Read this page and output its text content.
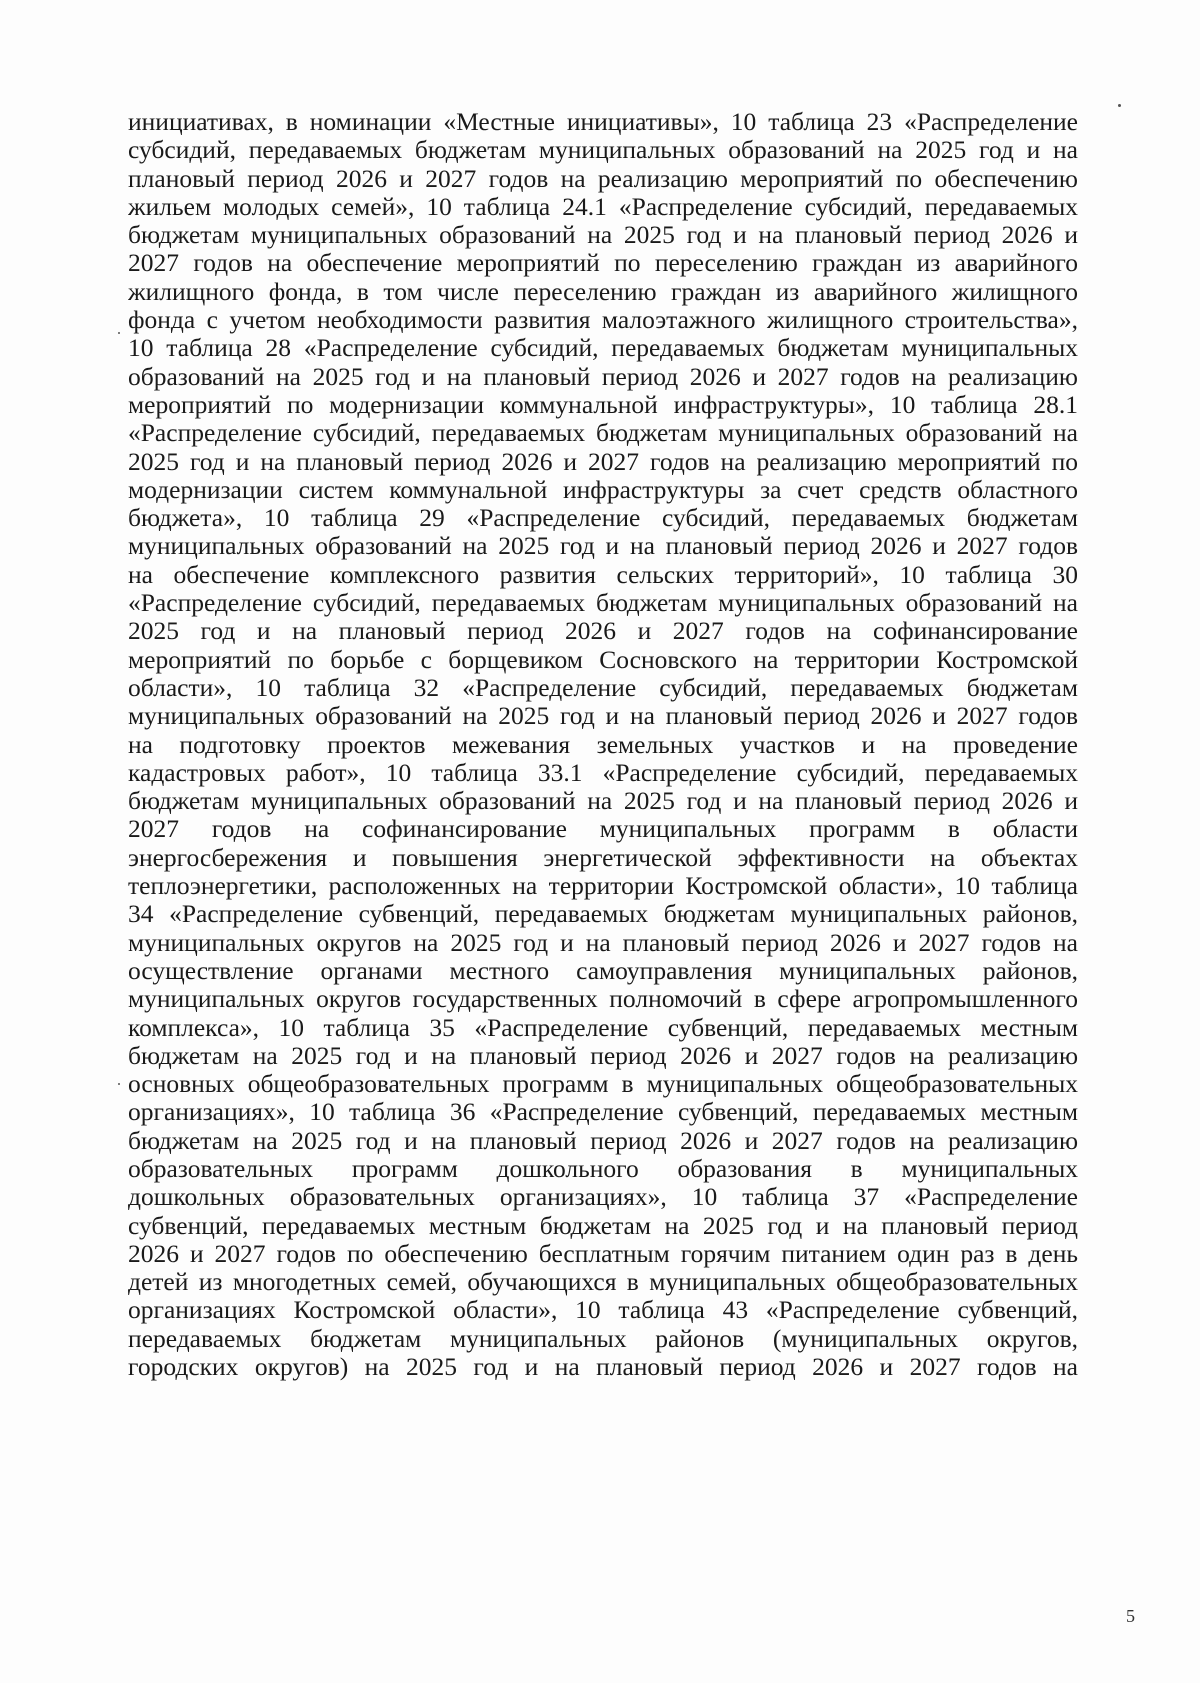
инициативах, в номинации «Местные инициативы», 10 таблица 23 «Распределение
субсидий, передаваемых бюджетам муниципальных образований на 2025 год и на
плановый период 2026 и 2027 годов на реализацию мероприятий по обеспечению
жильем молодых семей», 10 таблица 24.1 «Распределение субсидий, передаваемых
бюджетам муниципальных образований на 2025 год и на плановый период 2026 и
2027 годов на обеспечение мероприятий по переселению граждан из аварийного
жилищного фонда, в том числе переселению граждан из аварийного жилищного
фонда с учетом необходимости развития малоэтажного жилищного строительства»,
10 таблица 28 «Распределение субсидий, передаваемых бюджетам муниципальных
образований на 2025 год и на плановый период 2026 и 2027 годов на реализацию
мероприятий по модернизации коммунальной инфраструктуры», 10 таблица 28.1
«Распределение субсидий, передаваемых бюджетам муниципальных образований на
2025 год и на плановый период 2026 и 2027 годов на реализацию мероприятий по
модернизации систем коммунальной инфраструктуры за счет средств областного
бюджета», 10 таблица 29 «Распределение субсидий, передаваемых бюджетам
муниципальных образований на 2025 год и на плановый период 2026 и 2027 годов
на обеспечение комплексного развития сельских территорий», 10 таблица 30
«Распределение субсидий, передаваемых бюджетам муниципальных образований на
2025 год и на плановый период 2026 и 2027 годов на софинансирование
мероприятий по борьбе с борщевиком Сосновского на территории Костромской
области», 10 таблица 32 «Распределение субсидий, передаваемых бюджетам
муниципальных образований на 2025 год и на плановый период 2026 и 2027 годов
на подготовку проектов межевания земельных участков и на проведение
кадастровых работ», 10 таблица 33.1 «Распределение субсидий, передаваемых
бюджетам муниципальных образований на 2025 год и на плановый период 2026 и
2027 годов на софинансирование муниципальных программ в области
энергосбережения и повышения энергетической эффективности на объектах
теплоэнергетики, расположенных на территории Костромской области», 10 таблица
34 «Распределение субвенций, передаваемых бюджетам муниципальных районов,
муниципальных округов на 2025 год и на плановый период 2026 и 2027 годов на
осуществление органами местного самоуправления муниципальных районов,
муниципальных округов государственных полномочий в сфере агропромышленного
комплекса», 10 таблица 35 «Распределение субвенций, передаваемых местным
бюджетам на 2025 год и на плановый период 2026 и 2027 годов на реализацию
основных общеобразовательных программ в муниципальных общеобразовательных
организациях», 10 таблица 36 «Распределение субвенций, передаваемых местным
бюджетам на 2025 год и на плановый период 2026 и 2027 годов на реализацию
образовательных программ дошкольного образования в муниципальных
дошкольных образовательных организациях», 10 таблица 37 «Распределение
субвенций, передаваемых местным бюджетам на 2025 год и на плановый период
2026 и 2027 годов по обеспечению бесплатным горячим питанием один раз в день
детей из многодетных семей, обучающихся в муниципальных общеобразовательных
организациях Костромской области», 10 таблица 43 «Распределение субвенций,
передаваемых бюджетам муниципальных районов (муниципальных округов,
городских округов) на 2025 год и на плановый период 2026 и 2027 годов на
5
